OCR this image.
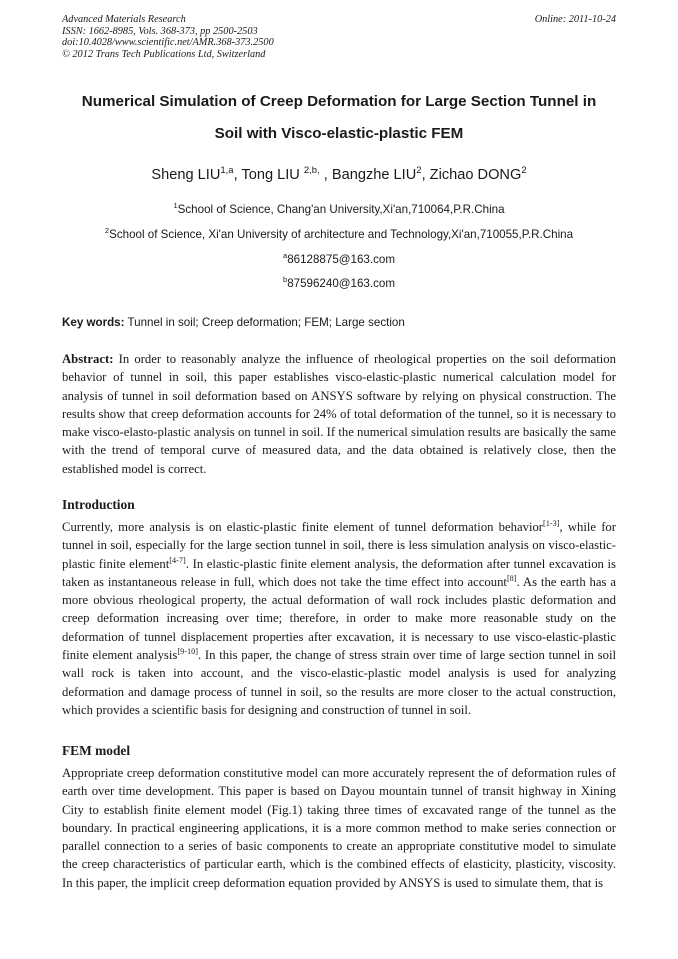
Advanced Materials Research
ISSN: 1662-8985, Vols. 368-373, pp 2500-2503
doi:10.4028/www.scientific.net/AMR.368-373.2500
© 2012 Trans Tech Publications Ltd, Switzerland
Online: 2011-10-24
Numerical Simulation of Creep Deformation for Large Section Tunnel in
Soil with Visco-elastic-plastic FEM
Sheng LIU$^{1,a}$, Tong LIU $^{2,b,}$ , Bangzhe LIU$^2$, Zichao DONG$^2$
$^1$School of Science, Chang'an University,Xi'an,710064,P.R.China
$^2$School of Science, Xi'an University of architecture and Technology,Xi'an,710055,P.R.China
$^a$86128875@163.com
$^b$87596240@163.com
Key words: Tunnel in soil; Creep deformation; FEM; Large section
Abstract: In order to reasonably analyze the influence of rheological properties on the soil deformation behavior of tunnel in soil, this paper establishes visco-elastic-plastic numerical calculation model for analysis of tunnel in soil deformation based on ANSYS software by relying on physical construction. The results show that creep deformation accounts for 24% of total deformation of the tunnel, so it is necessary to make visco-elasto-plastic analysis on tunnel in soil. If the numerical simulation results are basically the same with the trend of temporal curve of measured data, and the data obtained is relatively close, then the established model is correct.
Introduction
Currently, more analysis is on elastic-plastic finite element of tunnel deformation behavior[1-3], while for tunnel in soil, especially for the large section tunnel in soil, there is less simulation analysis on visco-elastic-plastic finite element[4-7]. In elastic-plastic finite element analysis, the deformation after tunnel excavation is taken as instantaneous release in full, which does not take the time effect into account[8]. As the earth has a more obvious rheological property, the actual deformation of wall rock includes plastic deformation and creep deformation increasing over time; therefore, in order to make more reasonable study on the deformation of tunnel displacement properties after excavation, it is necessary to use visco-elastic-plastic finite element analysis[9-10]. In this paper, the change of stress strain over time of large section tunnel in soil wall rock is taken into account, and the visco-elastic-plastic model analysis is used for analyzing deformation and damage process of tunnel in soil, so the results are more closer to the actual construction, which provides a scientific basis for designing and construction of tunnel in soil.
FEM model
Appropriate creep deformation constitutive model can more accurately represent the of deformation rules of earth over time development. This paper is based on Dayou mountain tunnel of transit highway in Xining City to establish finite element model (Fig.1) taking three times of excavated range of the tunnel as the boundary. In practical engineering applications, it is a more common method to make series connection or parallel connection to a series of basic components to create an appropriate constitutive model to simulate the creep characteristics of particular earth, which is the combined effects of elasticity, plasticity, viscosity. In this paper, the implicit creep deformation equation provided by ANSYS is used to simulate them, that is
